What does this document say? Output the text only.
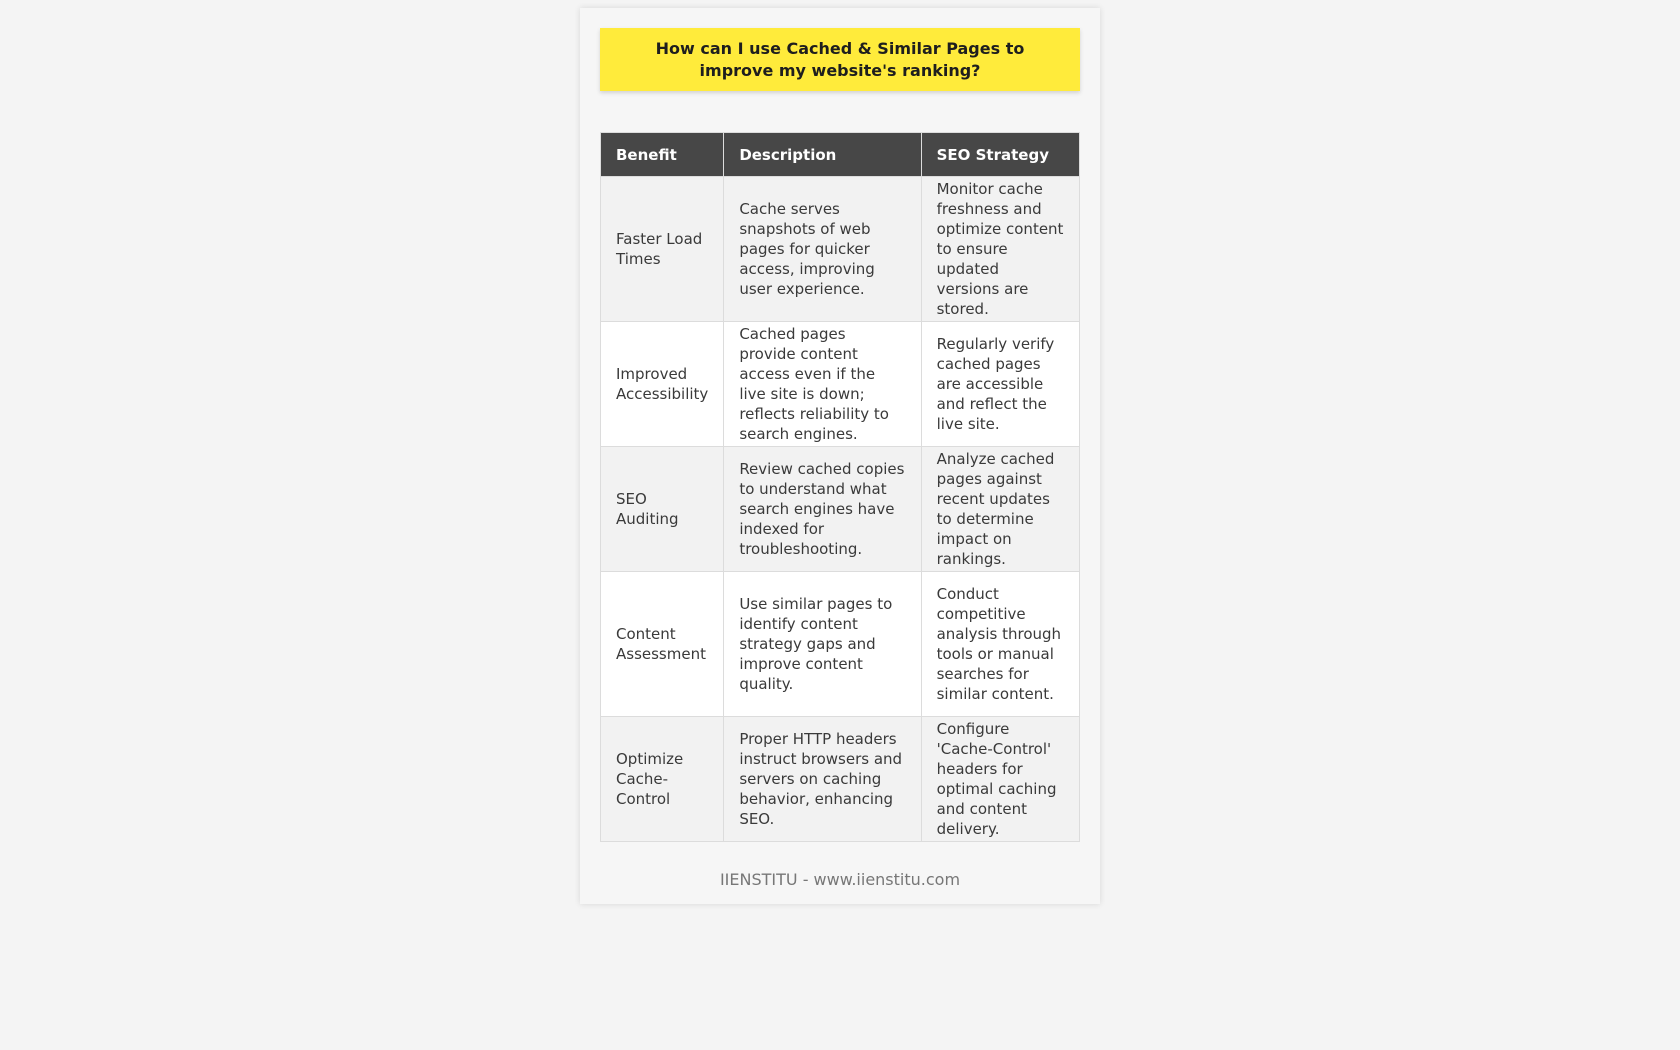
How can I use Cached & Similar Pages to improve my website's ranking?
Benefit	Description	SEO Strategy
Faster Load Times	Cache serves snapshots of web pages for quicker access, improving user experience.	Monitor cache freshness and optimize content to ensure updated versions are stored.
Improved Accessibility	Cached pages provide content access even if the live site is down; reflects reliability to search engines.	Regularly verify cached pages are accessible and reflect the live site.
SEO Auditing	Review cached copies to understand what search engines have indexed for troubleshooting.	Analyze cached pages against recent updates to determine impact on rankings.
Content Assessment	Use similar pages to identify content strategy gaps and improve content quality.	Conduct competitive analysis through tools or manual searches for similar content.
Optimize Cache-Control	Proper HTTP headers instruct browsers and servers on caching behavior, enhancing SEO.	Configure 'Cache-Control' headers for optimal caching and content delivery.
IIENSTITU - www.iienstitu.com
